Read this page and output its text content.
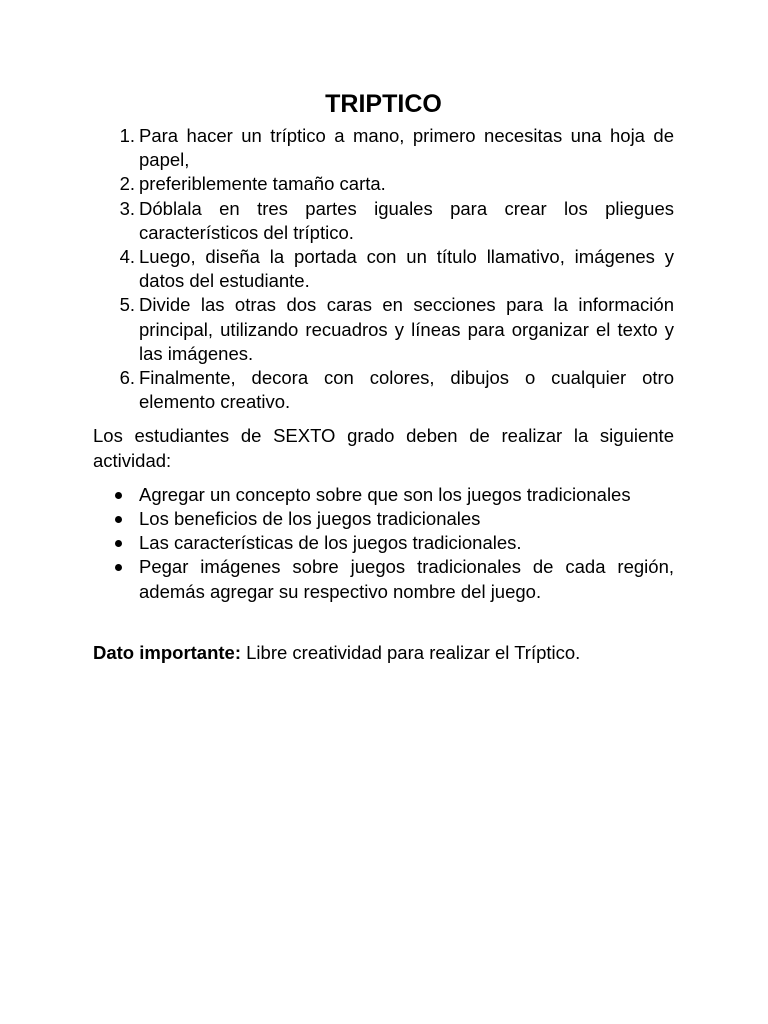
TRIPTICO
1. Para hacer un tríptico a mano, primero necesitas una hoja de papel,
2. preferiblemente tamaño carta.
3. Dóblala en tres partes iguales para crear los pliegues característicos del tríptico.
4. Luego, diseña la portada con un título llamativo, imágenes y datos del estudiante.
5. Divide las otras dos caras en secciones para la información principal, utilizando recuadros y líneas para organizar el texto y las imágenes.
6. Finalmente, decora con colores, dibujos o cualquier otro elemento creativo.

Los estudiantes de SEXTO grado deben de realizar la siguiente actividad:

Agregar un concepto sobre que son los juegos tradicionales
Los beneficios de los juegos tradicionales
Las características de los juegos tradicionales.
Pegar imágenes sobre juegos tradicionales de cada región, además agregar su respectivo nombre del juego.
Dato importante: Libre creatividad para realizar el Tríptico.
